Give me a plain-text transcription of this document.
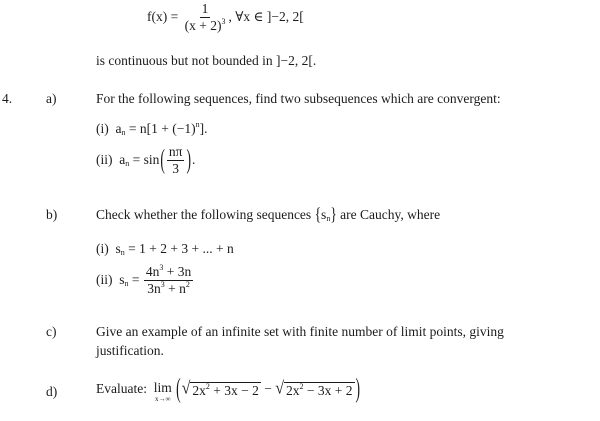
$f(x) = \frac{1}{(x + 2)^3}$ , ∀x ∈ ]−2, 2[
is continuous but not bounded in ]−2, 2[.
4.	a)	For the following sequences, find two subsequences which are convergent:
(i) $a_n = n[1 + (-1)^n]$.
(ii) $a_n = \sin( \frac{n\pi}{3}$ ).
b)	Check whether the following sequences $\{s_n\}$ are Cauchy, where
(i) $s_n = 1 + 2 + 3$ + ... + n
(ii) $s_n = \frac{4n^3 + 3n}{3n^3 + n^2}$
c)	Give an example of an infinite set with finite number of limit points, giving
justification.
d)	Evaluate: lim
x→∞ ( √ $2x^2 + 3x - 2$ − √ $2x^2 - 3x + 2$ )
